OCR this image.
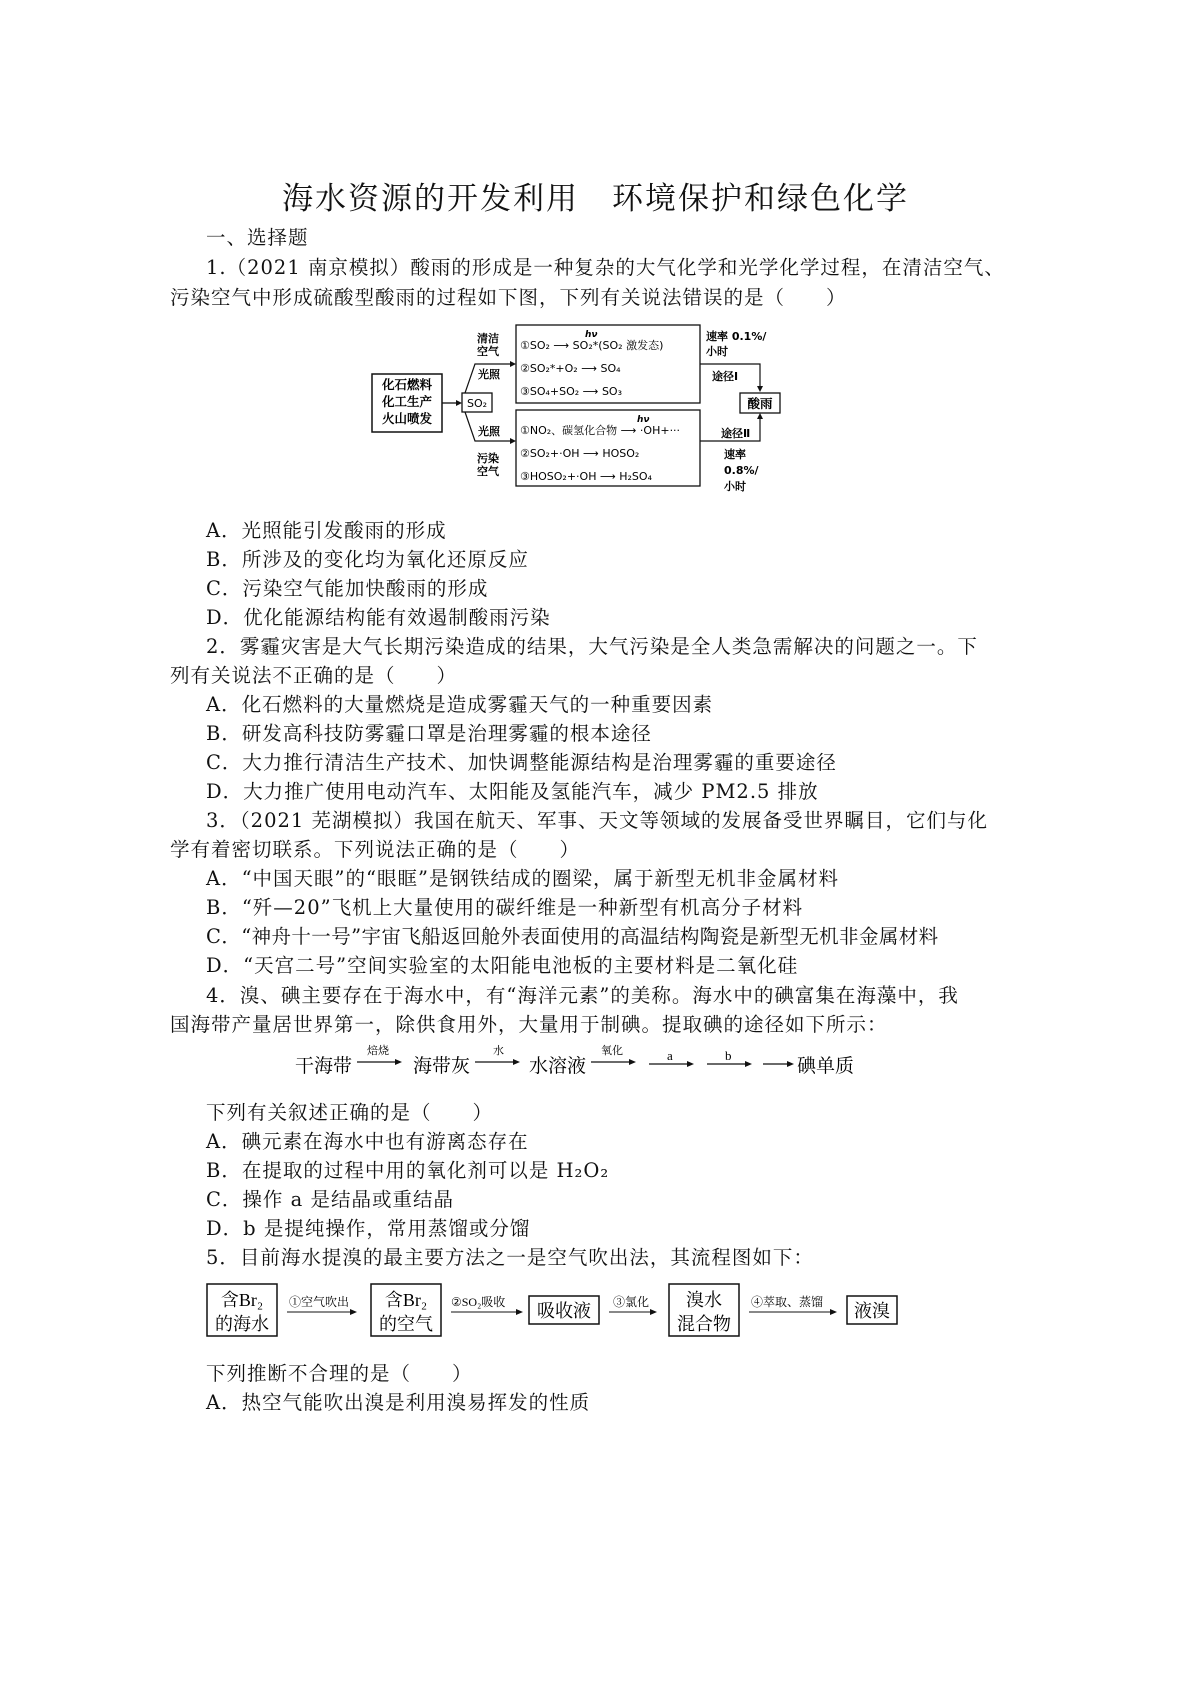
海水资源的开发利用　环境保护和绿色化学
一、选择题
1.（2021 南京模拟）酸雨的形成是一种复杂的大气化学和光学化学过程，在清洁空气、
污染空气中形成硫酸型酸雨的过程如下图，下列有关说法错误的是（　　）
化石燃料
化工生产
火山喷发
SO₂
清洁
空气
光照
光照
污染
空气
hν
①SO₂ ⟶ SO₂*(SO₂ 激发态)
②SO₂*+O₂ ⟶ SO₄
③SO₄+SO₂ ⟶ SO₃
hν
①NO₂、碳氢化合物 ⟶ ·OH+···
②SO₂+·OH ⟶ HOSO₂
③HOSO₂+·OH ⟶ H₂SO₄
速率 0.1%/
小时
途径Ⅰ
酸雨
途径Ⅱ
速率
0.8%/
小时
A．光照能引发酸雨的形成
B．所涉及的变化均为氧化还原反应
C．污染空气能加快酸雨的形成
D．优化能源结构能有效遏制酸雨污染
2．雾霾灾害是大气长期污染造成的结果，大气污染是全人类急需解决的问题之一。下
列有关说法不正确的是（　　）
A．化石燃料的大量燃烧是造成雾霾天气的一种重要因素
B．研发高科技防雾霾口罩是治理雾霾的根本途径
C．大力推行清洁生产技术、加快调整能源结构是治理雾霾的重要途径
D．大力推广使用电动汽车、太阳能及氢能汽车，减少 PM2.5 排放
3．（2021 芜湖模拟）我国在航天、军事、天文等领域的发展备受世界瞩目，它们与化
学有着密切联系。下列说法正确的是（　　）
A．“中国天眼”的“眼眶”是钢铁结成的圈梁，属于新型无机非金属材料
B．“歼—20”飞机上大量使用的碳纤维是一种新型有机高分子材料
C．“神舟十一号”宇宙飞船返回舱外表面使用的高温结构陶瓷是新型无机非金属材料
D．“天宫二号”空间实验室的太阳能电池板的主要材料是二氧化硅
4．溴、碘主要存在于海水中，有“海洋元素”的美称。海水中的碘富集在海藻中，我
国海带产量居世界第一，除供食用外，大量用于制碘。提取碘的途径如下所示：
干海带
焙烧
海带灰
水
水溶液
氧化	a	b
碘单质
下列有关叙述正确的是（　　）
A．碘元素在海水中也有游离态存在
B．在提取的过程中用的氧化剂可以是 H₂O₂
C．操作 a 是结晶或重结晶
D．b 是提纯操作，常用蒸馏或分馏
5．目前海水提溴的最主要方法之一是空气吹出法，其流程图如下：
含Br₂
的海水
①空气吹出 含Br₂
的空气
②SO₂吸收 吸收液 ③氯化 溴水
混合物
④萃取、蒸馏 液溴
下列推断不合理的是（　　）
A．热空气能吹出溴是利用溴易挥发的性质
